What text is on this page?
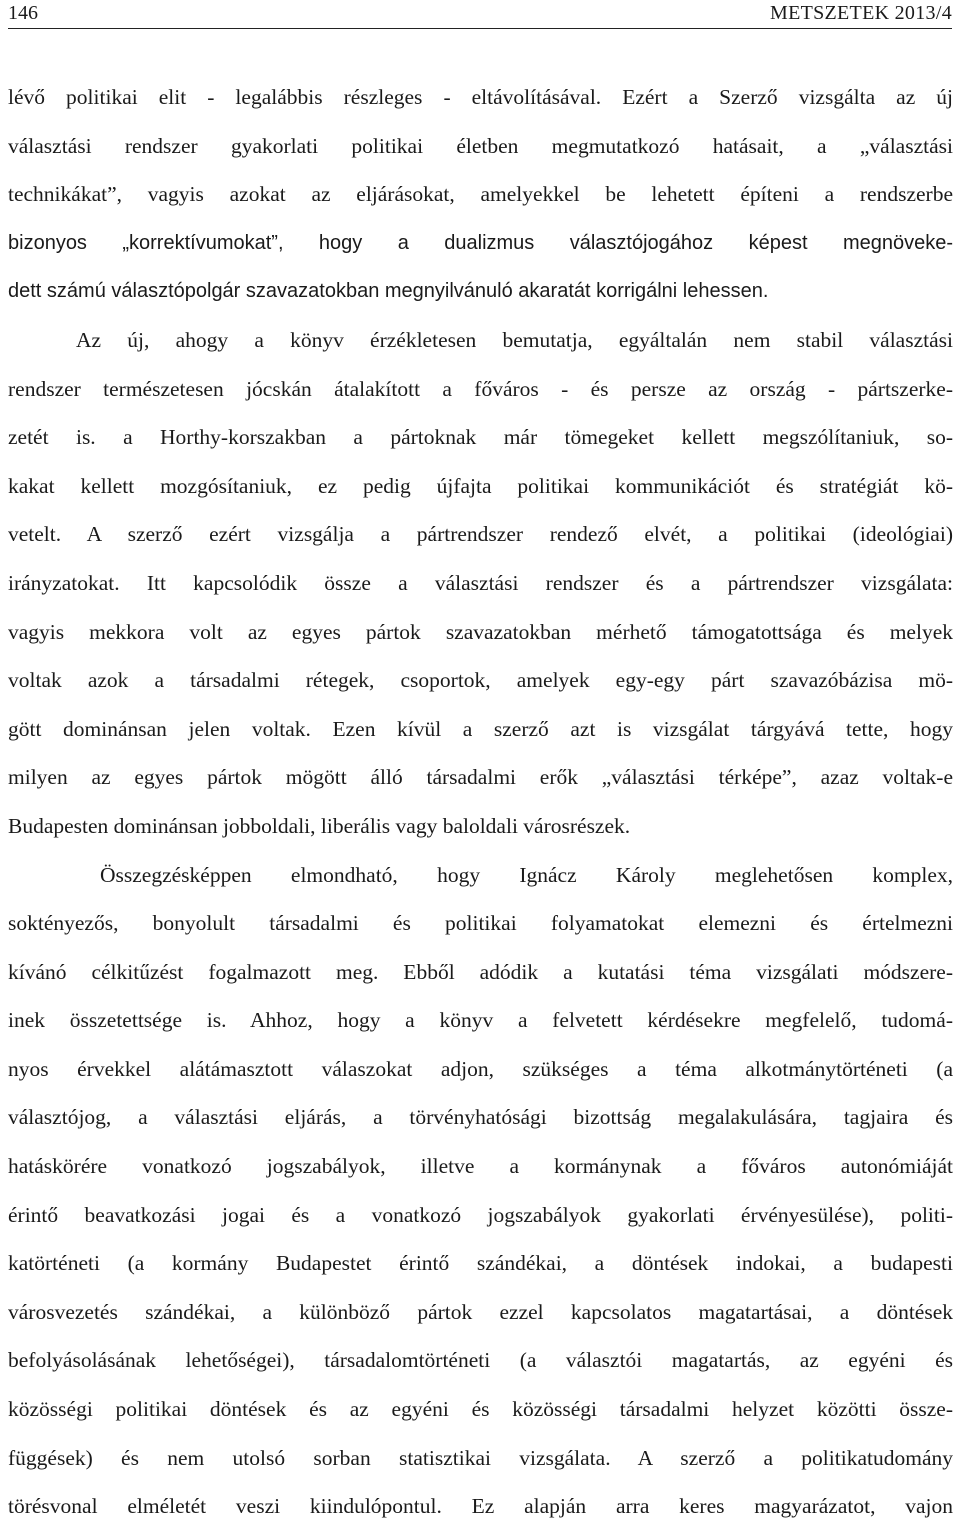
146	METSZETEK 2013/4
lévő politikai elit - legalábbis részleges - eltávolításával. Ezért a Szerző vizsgálta az új
választási rendszer gyakorlati politikai életben megmutatkozó hatásait, a „választási
technikákat”, vagyis azokat az eljárásokat, amelyekkel be lehetett építeni a rendszerbe
bizonyos „korrektívumokat”, hogy a dualizmus választójogához képest megnöveke-
dett számú választópolgár szavazatokban megnyilvánuló akaratát korrigálni lehessen.
Az új, ahogy a könyv érzékletesen bemutatja, egyáltalán nem stabil választási
rendszer természetesen jócskán átalakított a főváros - és persze az ország - pártszerke-
zetét is. a Horthy-korszakban a pártoknak már tömegeket kellett megszólítaniuk, so-
kakat kellett mozgósítaniuk, ez pedig újfajta politikai kommunikációt és stratégiát kö-
vetelt. A szerző ezért vizsgálja a pártrendszer rendező elvét, a politikai (ideológiai)
irányzatokat. Itt kapcsolódik össze a választási rendszer és a pártrendszer vizsgálata:
vagyis mekkora volt az egyes pártok szavazatokban mérhető támogatottsága és melyek
voltak azok a társadalmi rétegek, csoportok, amelyek egy-egy párt szavazóbázisa mö-
gött dominánsan jelen voltak. Ezen kívül a szerző azt is vizsgálat tárgyává tette, hogy
milyen az egyes pártok mögött álló társadalmi erők „választási térképe”, azaz voltak-e
Budapesten dominánsan jobboldali, liberális vagy baloldali városrészek.
Összegzésképpen elmondható, hogy Ignácz Károly meglehetősen komplex,
soktényezős, bonyolult társadalmi és politikai folyamatokat elemezni és értelmezni
kívánó célkitűzést fogalmazott meg. Ebből adódik a kutatási téma vizsgálati módszere-
inek összetettsége is. Ahhoz, hogy a könyv a felvetett kérdésekre megfelelő, tudomá-
nyos érvekkel alátámasztott válaszokat adjon, szükséges a téma alkotmánytörténeti (a
választójog, a választási eljárás, a törvényhatósági bizottság megalakulására, tagjaira és
hatáskörére vonatkozó jogszabályok, illetve a kormánynak a főváros autonómiáját
érintő beavatkozási jogai és a vonatkozó jogszabályok gyakorlati érvényesülése), politi-
katörténeti (a kormány Budapestet érintő szándékai, a döntések indokai, a budapesti
városvezetés szándékai, a különböző pártok ezzel kapcsolatos magatartásai, a döntések
befolyásolásának lehetőségei), társadalomtörténeti (a választói magatartás, az egyéni és
közösségi politikai döntések és az egyéni és közösségi társadalmi helyzet közötti össze-
függések) és nem utolsó sorban statisztikai vizsgálata. A szerző a politikatudomány
törésvonal elméletét veszi kiindulópontul. Ez alapján arra keres magyarázatot, vajon
